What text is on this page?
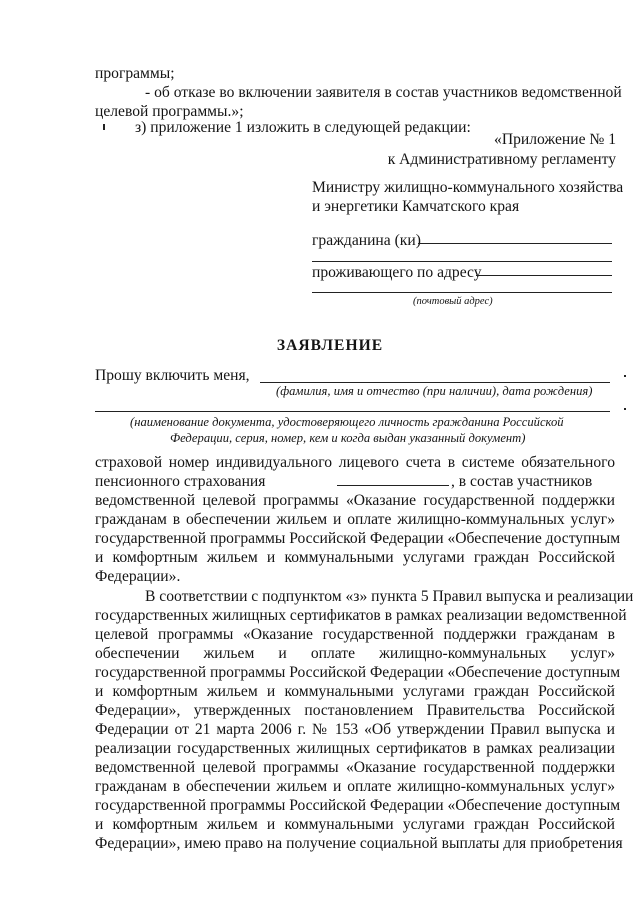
программы;
- об отказе во включении заявителя в состав участников ведомственной
целевой программы.»;
з) приложение 1 изложить в следующей редакции:
«Приложение № 1
к Административному регламенту
Министру жилищно-коммунального хозяйства
и энергетики Камчатского края
гражданина (ки)
проживающего по адресу
(почтовый адрес)
ЗАЯВЛЕНИЕ
Прошу включить меня,
(фамилия, имя и отчество (при наличии), дата рождения)
(наименование документа, удостоверяющего личность гражданина Российской
Федерации, серия, номер, кем и когда выдан указанный документ)
страховой номер индивидуального лицевого счета в системе обязательного
пенсионного страхования	, в состав участников
ведомственной целевой программы «Оказание государственной поддержки
гражданам в обеспечении жильем и оплате жилищно-коммунальных услуг»
государственной программы Российской Федерации «Обеспечение доступным
и комфортным жильем и коммунальными услугами граждан Российской
Федерации».
В соответствии с подпунктом «з» пункта 5 Правил выпуска и реализации
государственных жилищных сертификатов в рамках реализации ведомственной
целевой программы «Оказание государственной поддержки гражданам в
обеспечении жильем и оплате жилищно-коммунальных услуг»
государственной программы Российской Федерации «Обеспечение доступным
и комфортным жильем и коммунальными услугами граждан Российской
Федерации», утвержденных постановлением Правительства Российской
Федерации от 21 марта 2006 г. № 153 «Об утверждении Правил выпуска и
реализации государственных жилищных сертификатов в рамках реализации
ведомственной целевой программы «Оказание государственной поддержки
гражданам в обеспечении жильем и оплате жилищно-коммунальных услуг»
государственной программы Российской Федерации «Обеспечение доступным
и комфортным жильем и коммунальными услугами граждан Российской
Федерации», имею право на получение социальной выплаты для приобретения
